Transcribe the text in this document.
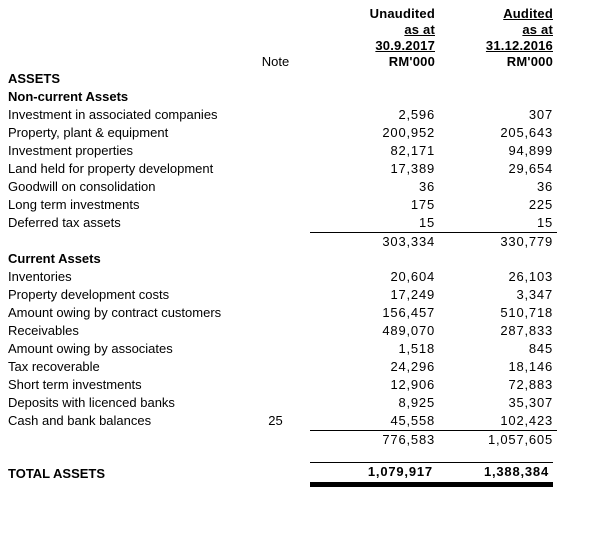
Unaudited	Audited
as at	as at
30.9.2017	31.12.2016
Note	RM'000	RM'000
ASSETS
Non-current Assets
Investment in associated companies	2,596	307
Property, plant & equipment	200,952	205,643
Investment properties	82,171	94,899
Land held for property development	17,389	29,654
Goodwill on consolidation	36	36
Long term investments	175	225
Deferred tax assets	15	15
303,334	330,779
Current Assets
Inventories	20,604	26,103
Property development costs	17,249	3,347
Amount owing by contract customers	156,457	510,718
Receivables	489,070	287,833
Amount owing by associates	1,518	845
Tax recoverable	24,296	18,146
Short term investments	12,906	72,883
Deposits with licenced banks	8,925	35,307
Cash and bank balances	25	45,558	102,423
776,583	1,057,605
TOTAL ASSETS	1,079,917	1,388,384
